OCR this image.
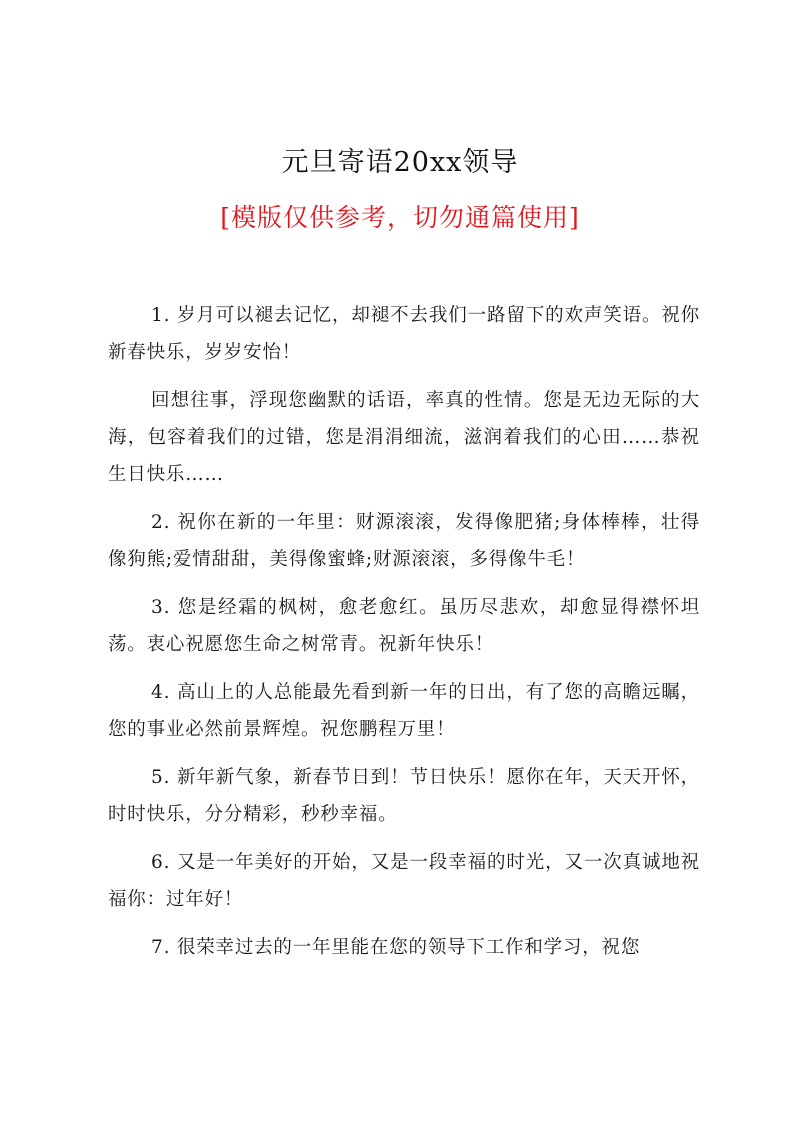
元旦寄语20xx领导
[模版仅供参考，切勿通篇使用]

1. 岁月可以褪去记忆，却褪不去我们一路留下的欢声笑语。祝你新春快乐，岁岁安怡！

回想往事，浮现您幽默的话语，率真的性情。您是无边无际的大海，包容着我们的过错，您是涓涓细流，滋润着我们的心田……恭祝生日快乐……

2. 祝你在新的一年里：财源滚滚，发得像肥猪;身体棒棒，壮得像狗熊;爱情甜甜，美得像蜜蜂;财源滚滚，多得像牛毛！

3. 您是经霜的枫树，愈老愈红。虽历尽悲欢，却愈显得襟怀坦荡。衷心祝愿您生命之树常青。祝新年快乐！

4. 高山上的人总能最先看到新一年的日出，有了您的高瞻远瞩，您的事业必然前景辉煌。祝您鹏程万里！

5. 新年新气象，新春节日到！节日快乐！愿你在年，天天开怀，时时快乐，分分精彩，秒秒幸福。

6. 又是一年美好的开始，又是一段幸福的时光，又一次真诚地祝福你：过年好！

7. 很荣幸过去的一年里能在您的领导下工作和学习，祝您
